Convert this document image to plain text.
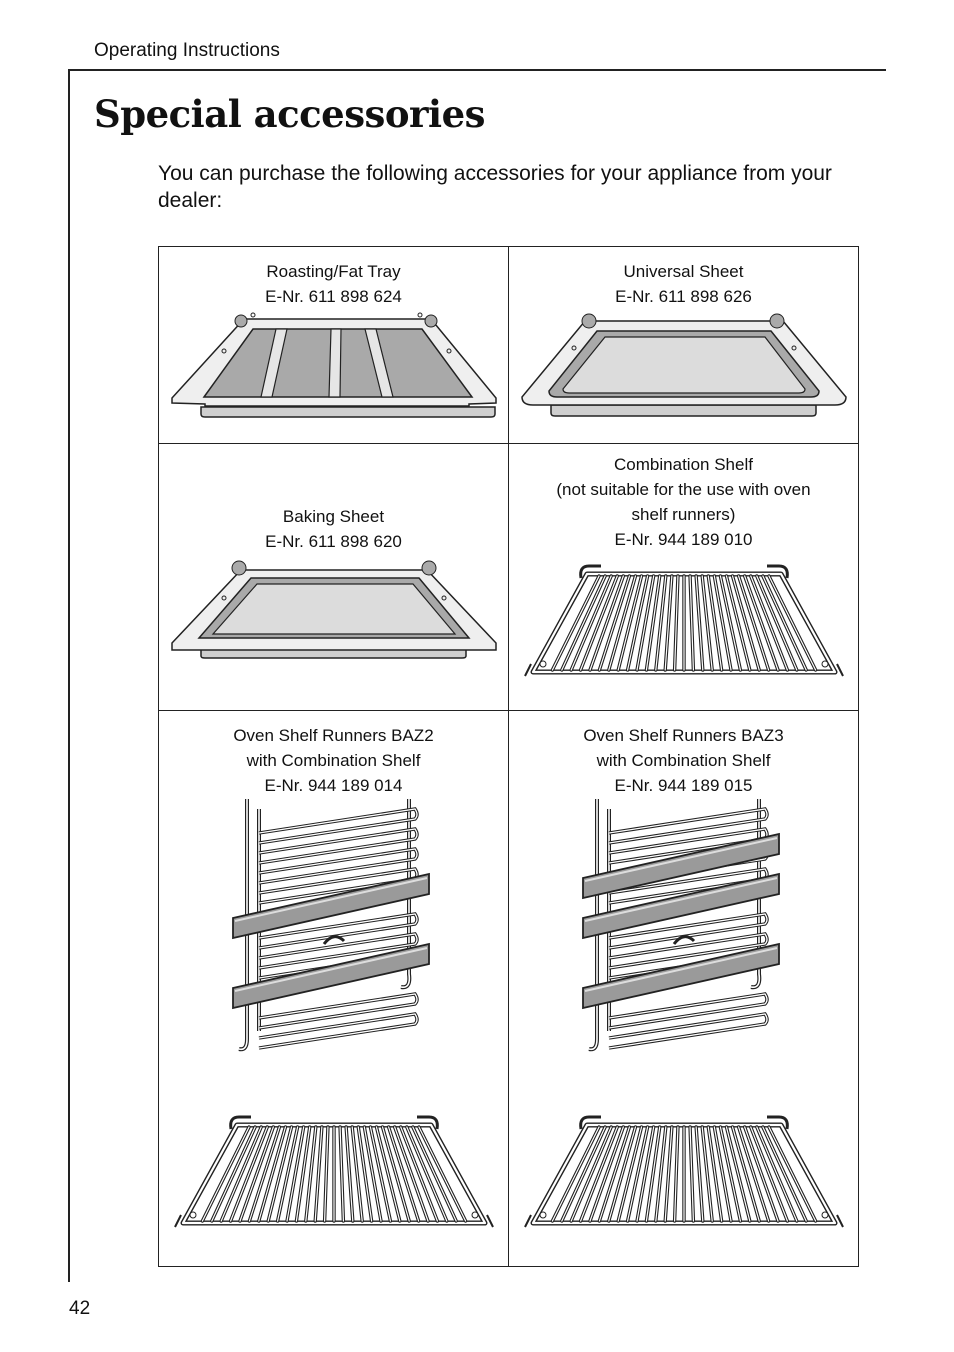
Operating Instructions
Special accessories

You can purchase the following accessories for your appliance from your dealer:

Roasting/Fat Tray
E-Nr. 611 898 624
Universal Sheet
E-Nr. 611 898 626
Baking Sheet
E-Nr. 611 898 620
Combination Shelf
(not suitable for the use with oven
shelf runners)
E-Nr. 944 189 010
Oven Shelf Runners BAZ2
with Combination Shelf
E-Nr. 944 189 014
Oven Shelf Runners BAZ3
with Combination Shelf
E-Nr. 944 189 015
42
